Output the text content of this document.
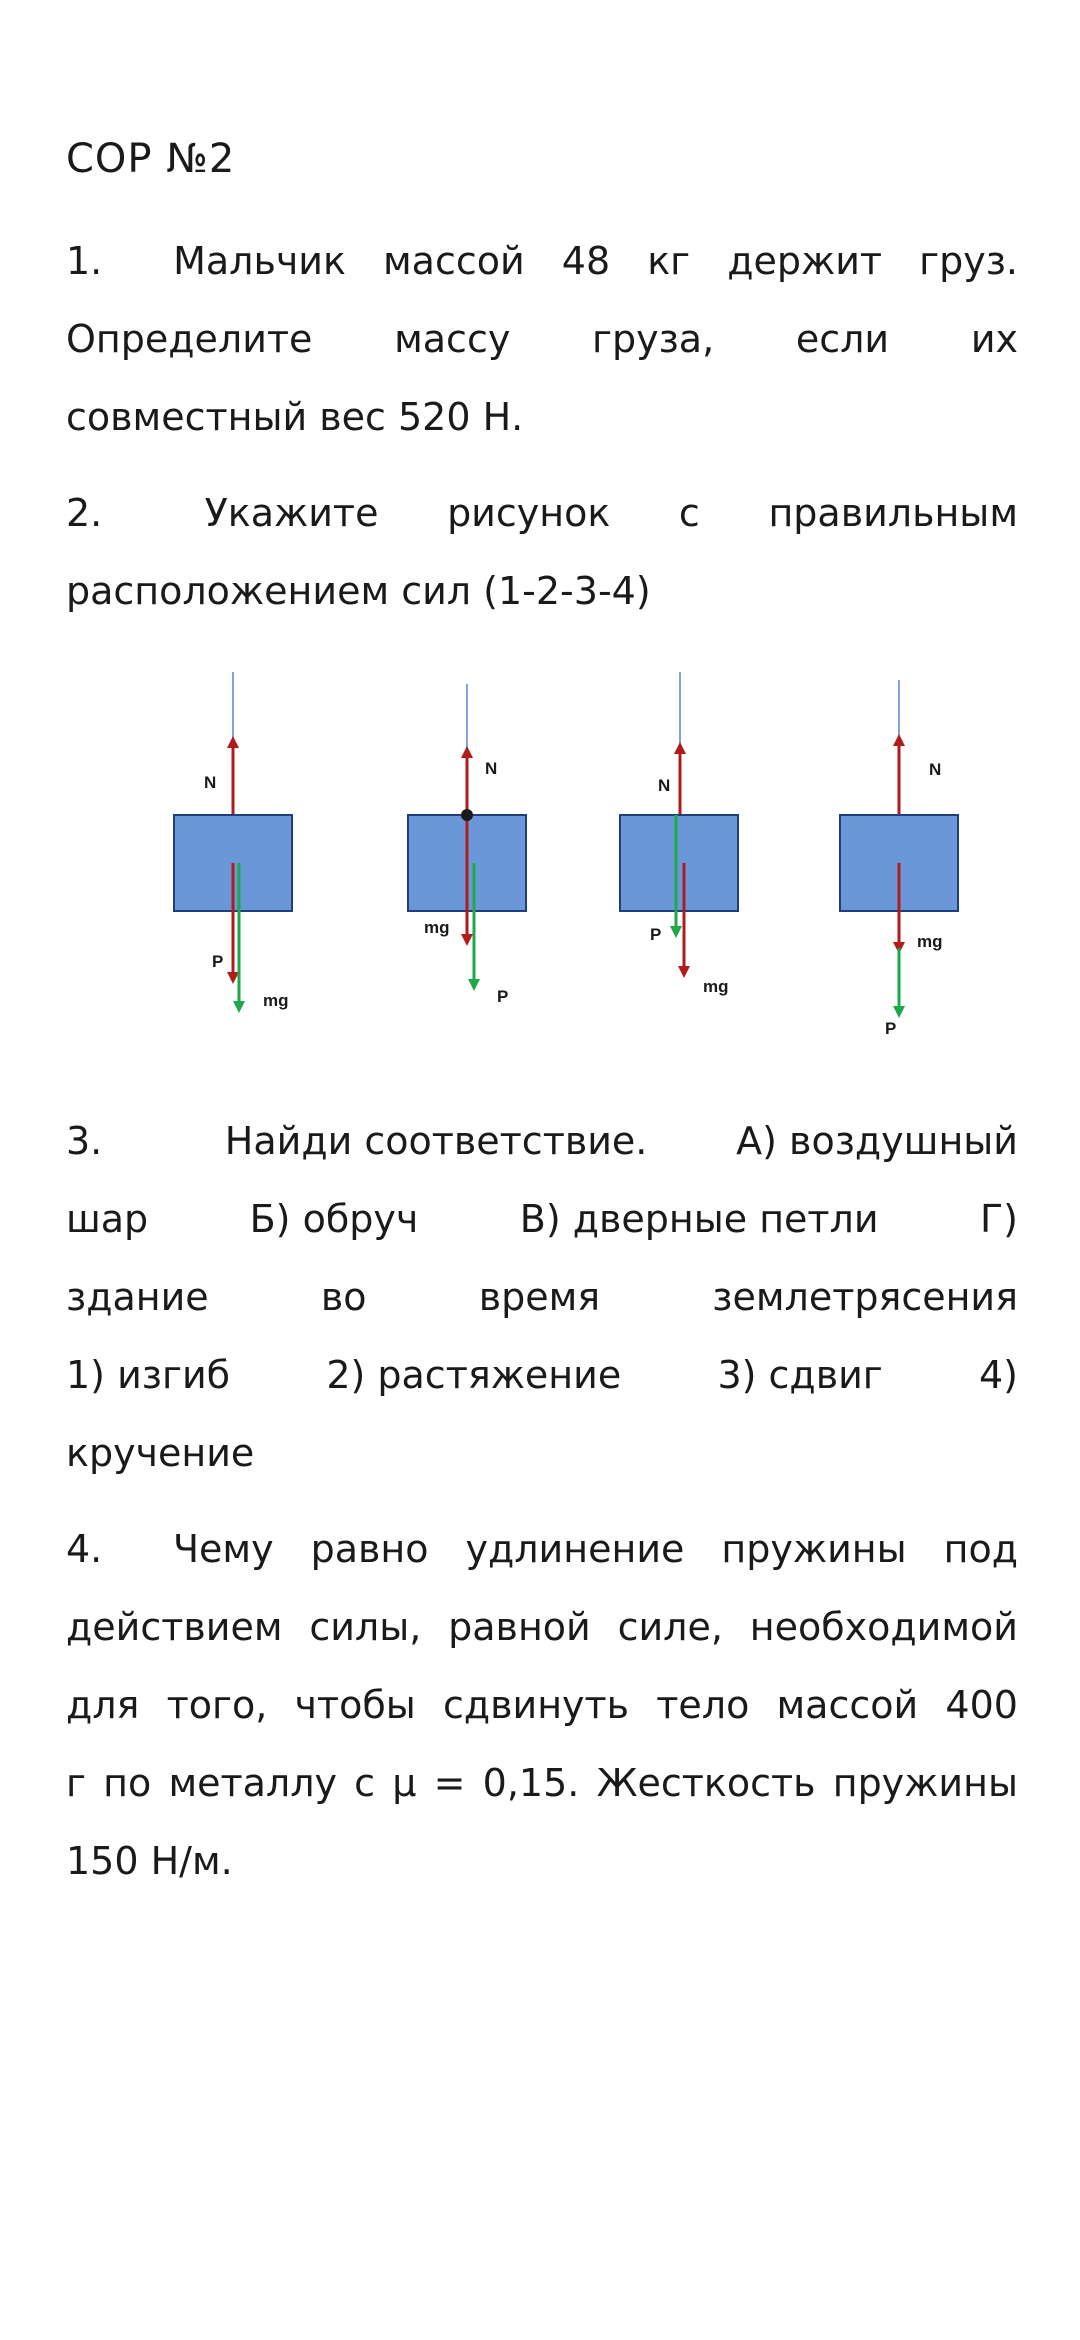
СОР №2
1.	Мальчик массой 48 кг держит груз.
Определите массу груза, если их
совместный вес 520 Н.
2.	Укажите рисунок с правильным
расположением сил (1-2-3-4)
N
P
mg
N
mg
P
N
P
mg
N
mg
P
3.	Найди соответствие. А) воздушный
шар	Б) обруч	В) дверные петли	Г)
здание	во	время	землетрясения
1) изгиб	2) растяжение	3) сдвиг	4)
кручение
4.	Чему равно удлинение пружины под
действием силы, равной силе, необходимой
для того, чтобы сдвинуть тело массой 400
г по металлу с μ = 0,15. Жесткость пружины
150 Н/м.
